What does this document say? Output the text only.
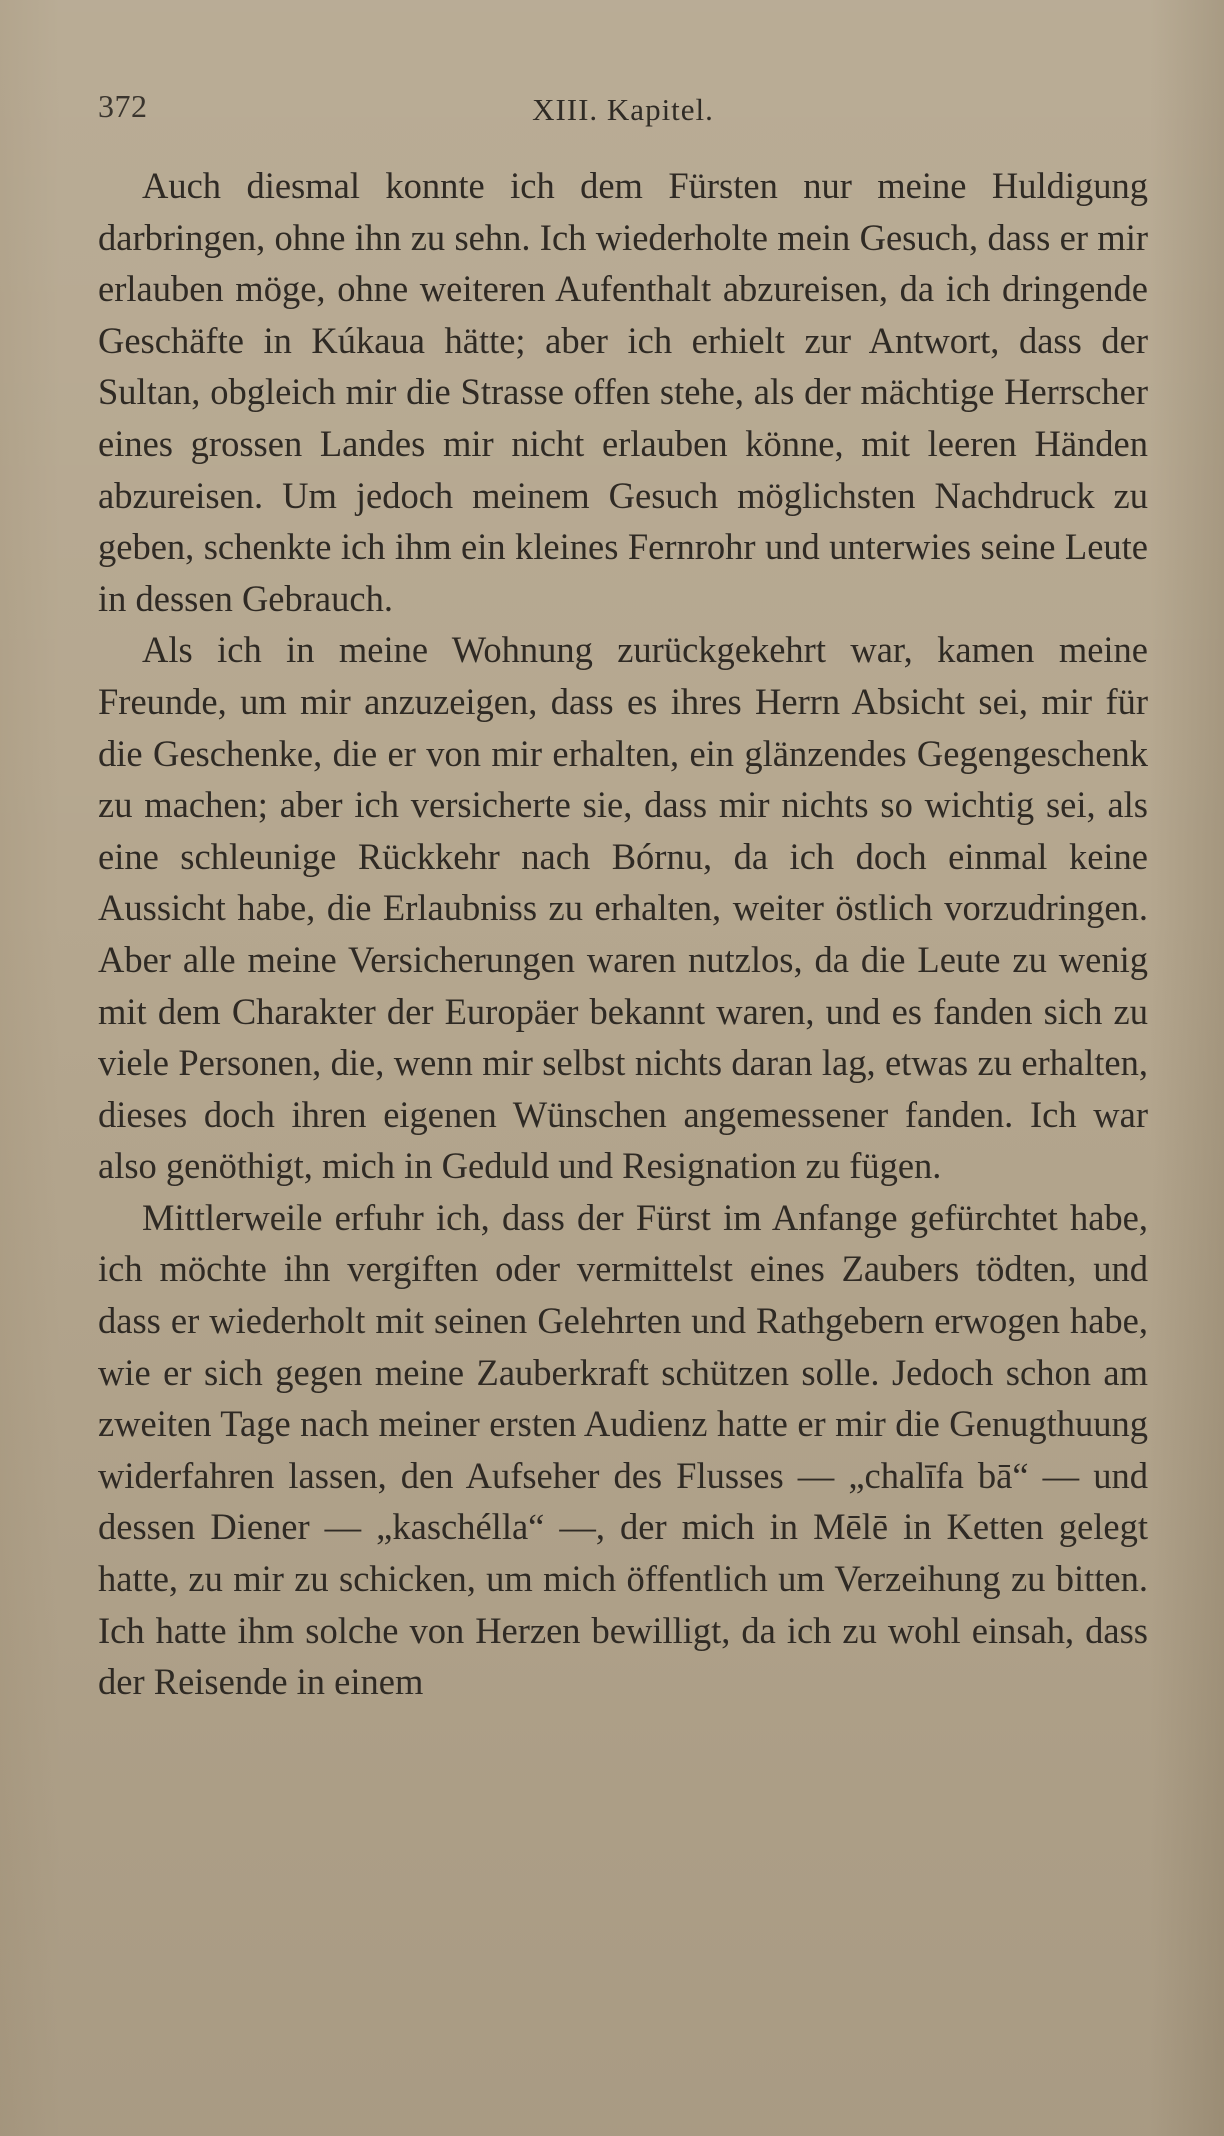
372	XIII. Kapitel.

Auch diesmal konnte ich dem Fürsten nur meine Huldigung darbringen, ohne ihn zu sehn. Ich wiederholte mein Gesuch, dass er mir erlauben möge, ohne weiteren Aufenthalt abzureisen, da ich dringende Geschäfte in Kúkaua hätte; aber ich erhielt zur Antwort, dass der Sultan, obgleich mir die Strasse offen stehe, als der mächtige Herrscher eines grossen Landes mir nicht erlauben könne, mit leeren Händen abzureisen. Um jedoch meinem Gesuch möglichsten Nachdruck zu geben, schenkte ich ihm ein kleines Fernrohr und unterwies seine Leute in dessen Gebrauch.

Als ich in meine Wohnung zurückgekehrt war, kamen meine Freunde, um mir anzuzeigen, dass es ihres Herrn Absicht sei, mir für die Geschenke, die er von mir erhalten, ein glänzendes Gegengeschenk zu machen; aber ich versicherte sie, dass mir nichts so wichtig sei, als eine schleunige Rückkehr nach Bórnu, da ich doch einmal keine Aussicht habe, die Erlaubniss zu erhalten, weiter östlich vorzudringen. Aber alle meine Versicherungen waren nutzlos, da die Leute zu wenig mit dem Charakter der Europäer bekannt waren, und es fanden sich zu viele Personen, die, wenn mir selbst nichts daran lag, etwas zu erhalten, dieses doch ihren eigenen Wünschen angemessener fanden. Ich war also genöthigt, mich in Geduld und Resignation zu fügen.

Mittlerweile erfuhr ich, dass der Fürst im Anfange gefürchtet habe, ich möchte ihn vergiften oder vermittelst eines Zaubers tödten, und dass er wiederholt mit seinen Gelehrten und Rathgebern erwogen habe, wie er sich gegen meine Zauberkraft schützen solle. Jedoch schon am zweiten Tage nach meiner ersten Audienz hatte er mir die Genugthuung widerfahren lassen, den Aufseher des Flusses — „chalīfa bā“ — und dessen Diener — „kaschélla“ —, der mich in Mēlē in Ketten gelegt hatte, zu mir zu schicken, um mich öffentlich um Verzeihung zu bitten. Ich hatte ihm solche von Herzen bewilligt, da ich zu wohl einsah, dass der Reisende in einem
